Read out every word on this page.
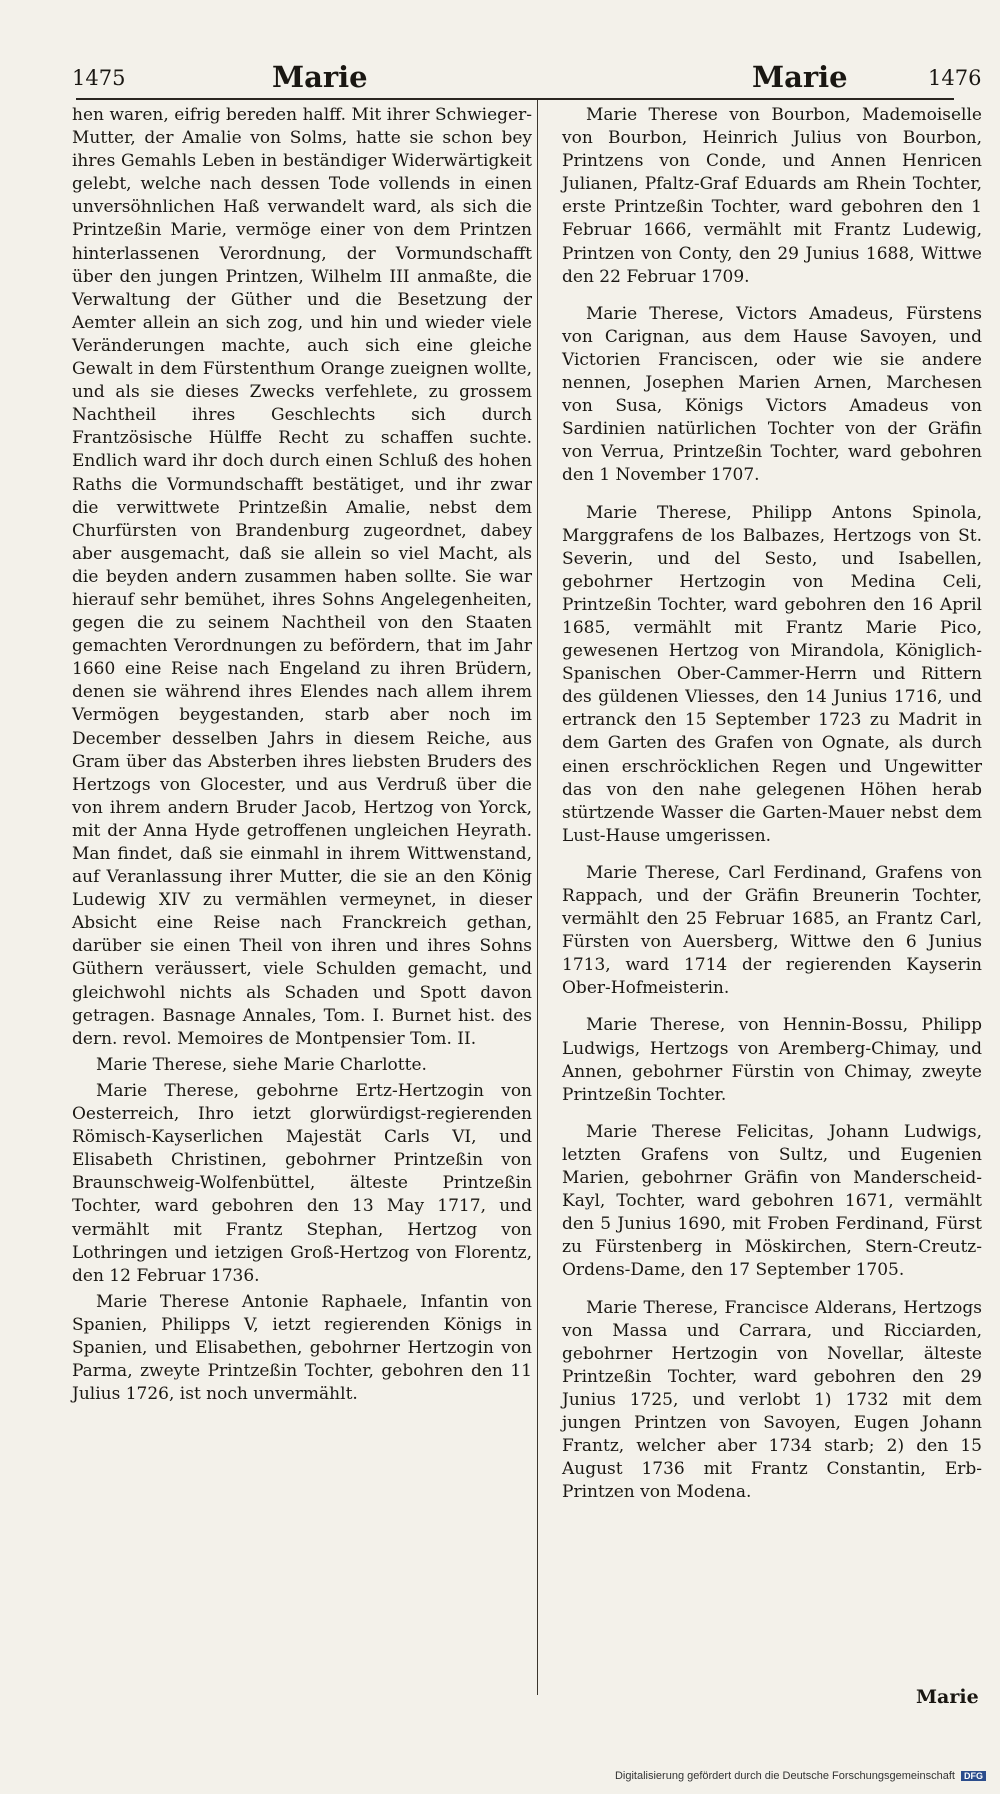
1475	Marie	Marie	1476

hen waren, eifrig bereden halff. Mit ihrer Schwieger-Mutter, der Amalie von Solms, hatte sie schon bey ihres Gemahls Leben in beständiger Widerwärtigkeit gelebt, welche nach dessen Tode vollends in einen unversöhnlichen Haß verwandelt ward, als sich die Printzeßin Marie, vermöge einer von dem Printzen hinterlassenen Verordnung, der Vormundschafft über den jungen Printzen, Wilhelm III anmaßte, die Verwaltung der Güther und die Besetzung der Aemter allein an sich zog, und hin und wieder viele Veränderungen machte, auch sich eine gleiche Gewalt in dem Fürstenthum Orange zueignen wollte, und als sie dieses Zwecks verfehlete, zu grossem Nachtheil ihres Geschlechts sich durch Frantzösische Hülffe Recht zu schaffen suchte. Endlich ward ihr doch durch einen Schluß des hohen Raths die Vormundschafft bestätiget, und ihr zwar die verwittwete Printzeßin Amalie, nebst dem Churfürsten von Brandenburg zugeordnet, dabey aber ausgemacht, daß sie allein so viel Macht, als die beyden andern zusammen haben sollte. Sie war hierauf sehr bemühet, ihres Sohns Angelegenheiten, gegen die zu seinem Nachtheil von den Staaten gemachten Verordnungen zu befördern, that im Jahr 1660 eine Reise nach Engeland zu ihren Brüdern, denen sie während ihres Elendes nach allem ihrem Vermögen beygestanden, starb aber noch im December desselben Jahrs in diesem Reiche, aus Gram über das Absterben ihres liebsten Bruders des Hertzogs von Glocester, und aus Verdruß über die von ihrem andern Bruder Jacob, Hertzog von Yorck, mit der Anna Hyde getroffenen ungleichen Heyrath. Man findet, daß sie einmahl in ihrem Wittwenstand, auf Veranlassung ihrer Mutter, die sie an den König Ludewig XIV zu vermählen vermeynet, in dieser Absicht eine Reise nach Franckreich gethan, darüber sie einen Theil von ihren und ihres Sohns Güthern veräussert, viele Schulden gemacht, und gleichwohl nichts als Schaden und Spott davon getragen. Basnage Annales, Tom. I. Burnet hist. des dern. revol. Memoires de Montpensier Tom. II.

Marie Therese, siehe Marie Charlotte.

Marie Therese, gebohrne Ertz-Hertzogin von Oesterreich, Ihro ietzt glorwürdigst-regierenden Römisch-Kayserlichen Majestät Carls VI, und Elisabeth Christinen, gebohrner Printzeßin von Braunschweig-Wolfenbüttel, älteste Printzeßin Tochter, ward gebohren den 13 May 1717, und vermählt mit Frantz Stephan, Hertzog von Lothringen und ietzigen Groß-Hertzog von Florentz, den 12 Februar 1736.

Marie Therese Antonie Raphaele, Infantin von Spanien, Philipps V, ietzt regierenden Königs in Spanien, und Elisabethen, gebohrner Hertzogin von Parma, zweyte Printzeßin Tochter, gebohren den 11 Julius 1726, ist noch unvermählt.

Marie Therese von Bourbon, Mademoiselle von Bourbon, Heinrich Julius von Bourbon, Printzens von Conde, und Annen Henricen Julianen, Pfaltz-Graf Eduards am Rhein Tochter, erste Printzeßin Tochter, ward gebohren den 1 Februar 1666, vermählt mit Frantz Ludewig, Printzen von Conty, den 29 Junius 1688, Wittwe den 22 Februar 1709.

Marie Therese, Victors Amadeus, Fürstens von Carignan, aus dem Hause Savoyen, und Victorien Franciscen, oder wie sie andere nennen, Josephen Marien Arnen, Marchesen von Susa, Königs Victors Amadeus von Sardinien natürlichen Tochter von der Gräfin von Verrua, Printzeßin Tochter, ward gebohren den 1 November 1707.

Marie Therese, Philipp Antons Spinola, Marggrafens de los Balbazes, Hertzogs von St. Severin, und del Sesto, und Isabellen, gebohrner Hertzogin von Medina Celi, Printzeßin Tochter, ward gebohren den 16 April 1685, vermählt mit Frantz Marie Pico, gewesenen Hertzog von Mirandola, Königlich-Spanischen Ober-Cammer-Herrn und Rittern des güldenen Vliesses, den 14 Junius 1716, und ertranck den 15 September 1723 zu Madrit in dem Garten des Grafen von Ognate, als durch einen erschröcklichen Regen und Ungewitter das von den nahe gelegenen Höhen herab stürtzende Wasser die Garten-Mauer nebst dem Lust-Hause umgerissen.

Marie Therese, Carl Ferdinand, Grafens von Rappach, und der Gräfin Breunerin Tochter, vermählt den 25 Februar 1685, an Frantz Carl, Fürsten von Auersberg, Wittwe den 6 Junius 1713, ward 1714 der regierenden Kayserin Ober-Hofmeisterin.

Marie Therese, von Hennin-Bossu, Philipp Ludwigs, Hertzogs von Aremberg-Chimay, und Annen, gebohrner Fürstin von Chimay, zweyte Printzeßin Tochter.

Marie Therese Felicitas, Johann Ludwigs, letzten Grafens von Sultz, und Eugenien Marien, gebohrner Gräfin von Manderscheid-Kayl, Tochter, ward gebohren 1671, vermählt den 5 Junius 1690, mit Froben Ferdinand, Fürst zu Fürstenberg in Möskirchen, Stern-Creutz-Ordens-Dame, den 17 September 1705.

Marie Therese, Francisce Alderans, Hertzogs von Massa und Carrara, und Ricciarden, gebohrner Hertzogin von Novellar, älteste Printzeßin Tochter, ward gebohren den 29 Junius 1725, und verlobt 1) 1732 mit dem jungen Printzen von Savoyen, Eugen Johann Frantz, welcher aber 1734 starb; 2) den 15 August 1736 mit Frantz Constantin, Erb-Printzen von Modena.

Marie
Digitalisierung gefördert durch die Deutsche Forschungsgemeinschaft DFG
